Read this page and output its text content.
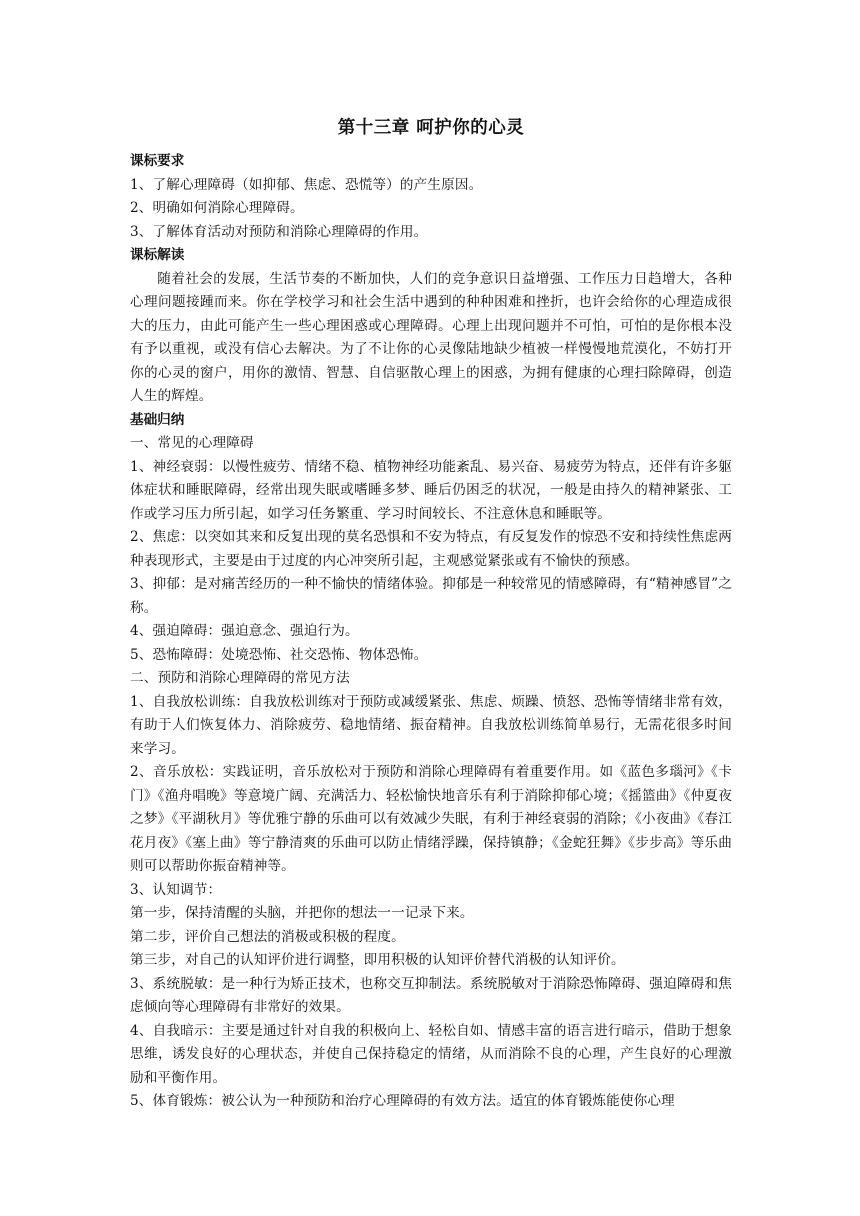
第十三章 呵护你的心灵
课标要求

1、了解心理障碍（如抑郁、焦虑、恐慌等）的产生原因。

2、明确如何消除心理障碍。

3、了解体育活动对预防和消除心理障碍的作用。

课标解读

随着社会的发展，生活节奏的不断加快，人们的竞争意识日益增强、工作压力日趋增大，各种心理问题接踵而来。你在学校学习和社会生活中遇到的种种困难和挫折，也许会给你的心理造成很大的压力，由此可能产生一些心理困惑或心理障碍。心理上出现问题并不可怕，可怕的是你根本没有予以重视，或没有信心去解决。为了不让你的心灵像陆地缺少植被一样慢慢地荒漠化，不妨打开你的心灵的窗户，用你的激情、智慧、自信驱散心理上的困惑，为拥有健康的心理扫除障碍，创造人生的辉煌。

基础归纳

一、常见的心理障碍

1、神经衰弱：以慢性疲劳、情绪不稳、植物神经功能紊乱、易兴奋、易疲劳为特点，还伴有许多躯体症状和睡眠障碍，经常出现失眠或嗜睡多梦、睡后仍困乏的状况，一般是由持久的精神紧张、工作或学习压力所引起，如学习任务繁重、学习时间较长、不注意休息和睡眠等。

2、焦虑：以突如其来和反复出现的莫名恐惧和不安为特点，有反复发作的惊恐不安和持续性焦虑两种表现形式，主要是由于过度的内心冲突所引起，主观感觉紧张或有不愉快的预感。

3、抑郁：是对痛苦经历的一种不愉快的情绪体验。抑郁是一种较常见的情感障碍，有“精神感冒”之称。

4、强迫障碍：强迫意念、强迫行为。

5、恐怖障碍：处境恐怖、社交恐怖、物体恐怖。

二、预防和消除心理障碍的常见方法

1、自我放松训练：自我放松训练对于预防或减缓紧张、焦虑、烦躁、愤怒、恐怖等情绪非常有效，有助于人们恢复体力、消除疲劳、稳地情绪、振奋精神。自我放松训练简单易行，无需花很多时间来学习。

2、音乐放松：实践证明，音乐放松对于预防和消除心理障碍有着重要作用。如《蓝色多瑙河》《卡门》《渔舟唱晚》等意境广阔、充满活力、轻松愉快地音乐有利于消除抑郁心境；《摇篮曲》《仲夏夜之梦》《平湖秋月》等优雅宁静的乐曲可以有效减少失眠，有利于神经衰弱的消除；《小夜曲》《春江花月夜》《塞上曲》等宁静清爽的乐曲可以防止情绪浮躁，保持镇静；《金蛇狂舞》《步步高》等乐曲则可以帮助你振奋精神等。

3、认知调节：

第一步，保持清醒的头脑，并把你的想法一一记录下来。

第二步，评价自己想法的消极或积极的程度。

第三步，对自己的认知评价进行调整，即用积极的认知评价替代消极的认知评价。

3、系统脱敏：是一种行为矫正技术，也称交互抑制法。系统脱敏对于消除恐怖障碍、强迫障碍和焦虑倾向等心理障碍有非常好的效果。

4、自我暗示：主要是通过针对自我的积极向上、轻松自如、情感丰富的语言进行暗示，借助于想象思维，诱发良好的心理状态，并使自己保持稳定的情绪，从而消除不良的心理，产生良好的心理激励和平衡作用。

5、体育锻炼：被公认为一种预防和治疗心理障碍的有效方法。适宜的体育锻炼能使你心理
